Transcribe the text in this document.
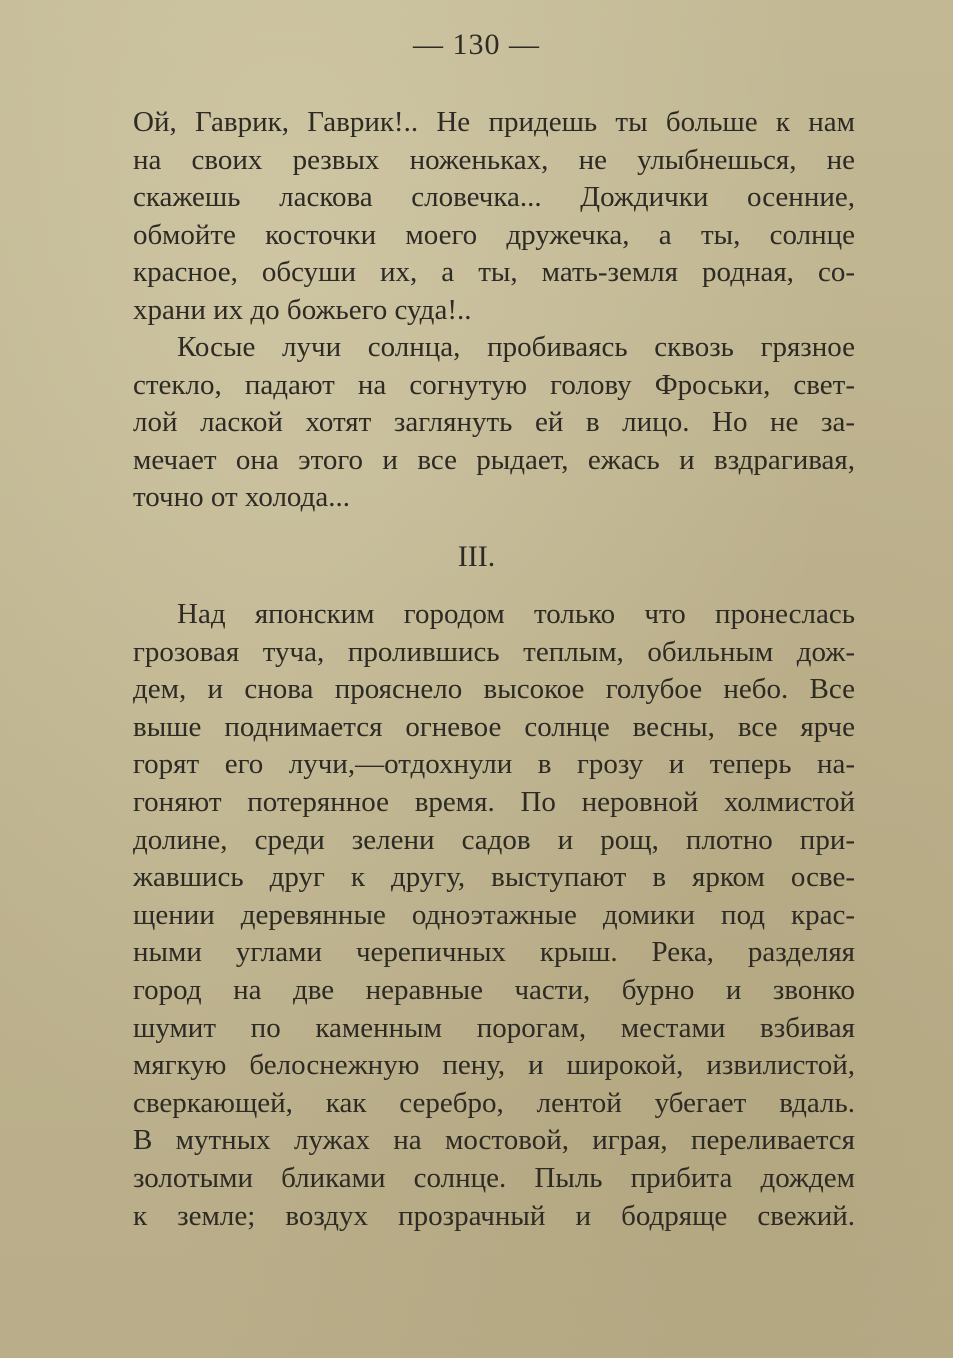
— 130 —
Ой, Гаврик, Гаврик!.. Не придешь ты больше к нам
на своих резвых ноженьках, не улыбнешься, не
скажешь ласкова словечка... Дождички осенние,
обмойте косточки моего дружечка, а ты, солнце
красное, обсуши их, а ты, мать-земля родная, со-
храни их до божьего суда!..
Косые лучи солнца, пробиваясь сквозь грязное
стекло, падают на согнутую голову Фроськи, свет-
лой лаской хотят заглянуть ей в лицо. Но не за-
мечает она этого и все рыдает, ежась и вздрагивая,
точно от холода...
III.
Над японским городом только что пронеслась
грозовая туча, пролившись теплым, обильным дож-
дем, и снова прояснело высокое голубое небо. Все
выше поднимается огневое солнце весны, все ярче
горят его лучи,—отдохнули в грозу и теперь на-
гоняют потерянное время. По неровной холмистой
долине, среди зелени садов и рощ, плотно при-
жавшись друг к другу, выступают в ярком осве-
щении деревянные одноэтажные домики под крас-
ными углами черепичных крыш. Река, разделяя
город на две неравные части, бурно и звонко
шумит по каменным порогам, местами взбивая
мягкую белоснежную пену, и широкой, извилистой,
сверкающей, как серебро, лентой убегает вдаль.
В мутных лужах на мостовой, играя, переливается
золотыми бликами солнце. Пыль прибита дождем
к земле; воздух прозрачный и бодряще свежий.
